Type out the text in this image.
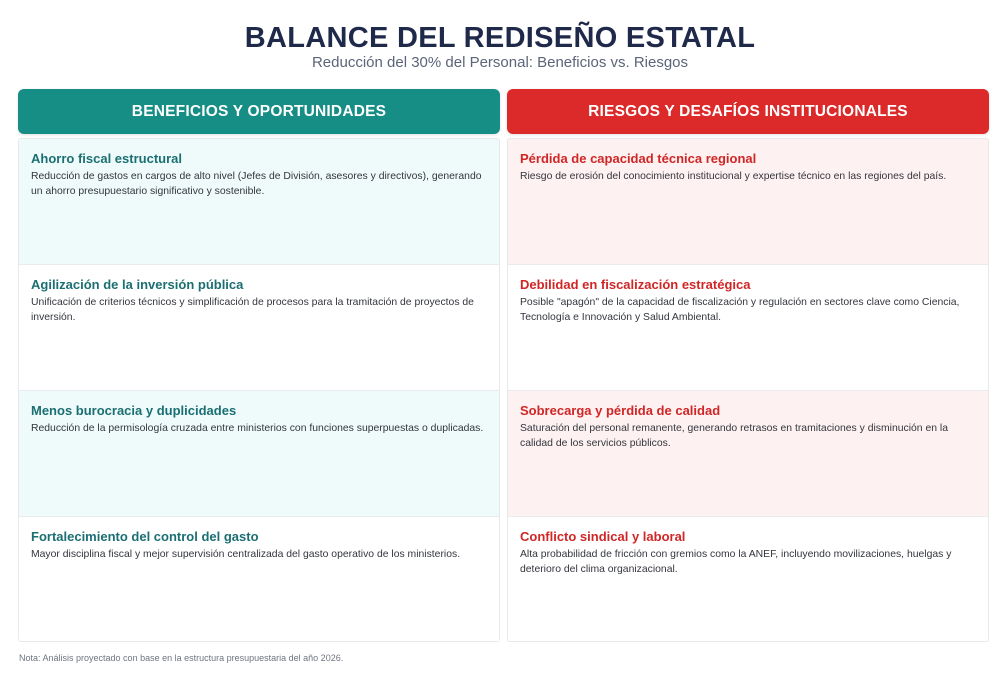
BALANCE DEL REDISEÑO ESTATAL
Reducción del 30% del Personal: Beneficios vs. Riesgos
BENEFICIOS Y OPORTUNIDADES
Ahorro fiscal estructural
Reducción de gastos en cargos de alto nivel (Jefes de División, asesores y directivos), generando un ahorro presupuestario significativo y sostenible.
Agilización de la inversión pública
Unificación de criterios técnicos y simplificación de procesos para la tramitación de proyectos de inversión.
Menos burocracia y duplicidades
Reducción de la permisología cruzada entre ministerios con funciones superpuestas o duplicadas.
Fortalecimiento del control del gasto
Mayor disciplina fiscal y mejor supervisión centralizada del gasto operativo de los ministerios.
RIESGOS Y DESAFÍOS INSTITUCIONALES
Pérdida de capacidad técnica regional
Riesgo de erosión del conocimiento institucional y expertise técnico en las regiones del país.
Debilidad en fiscalización estratégica
Posible "apagón" de la capacidad de fiscalización y regulación en sectores clave como Ciencia, Tecnología e Innovación y Salud Ambiental.
Sobrecarga y pérdida de calidad
Saturación del personal remanente, generando retrasos en tramitaciones y disminución en la calidad de los servicios públicos.
Conflicto sindical y laboral
Alta probabilidad de fricción con gremios como la ANEF, incluyendo movilizaciones, huelgas y deterioro del clima organizacional.
Nota: Análisis proyectado con base en la estructura presupuestaria del año 2026.
